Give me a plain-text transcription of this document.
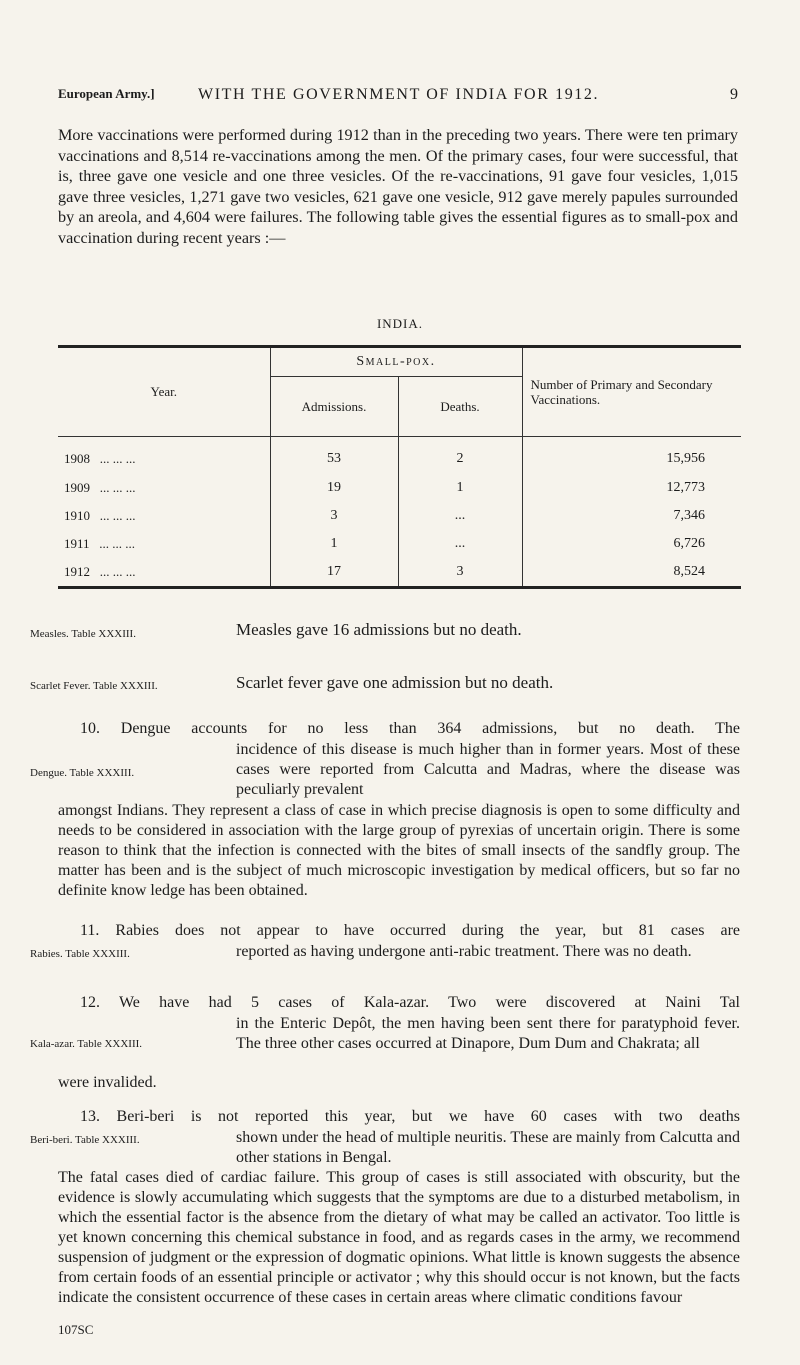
European Army.]	WITH THE GOVERNMENT OF INDIA FOR 1912.	9

More vaccinations were performed during 1912 than in the preceding two years. There were ten primary vaccinations and 8,514 re-vaccinations among the men. Of the primary cases, four were successful, that is, three gave one vesicle and one three vesicles. Of the re-vaccinations, 91 gave four vesicles, 1,015 gave three vesicles, 1,271 gave two vesicles, 621 gave one vesicle, 912 gave merely papules surrounded by an areola, and 4,604 were failures. The following table gives the essential figures as to small-pox and vaccination during recent years :—

INDIA.
Year.	Small-pox.		Number of Primary and Secondary Vaccinations.
	Admissions.	Deaths.	

1908 ... ... ...	53	2	15,956
1909 ... ... ...	19	1	12,773
1910 ... ... ...	3	...	7,346
1911 ... ... ...	1	...	6,726
1912 ... ... ...	17	3	8,524
Measles. Table XXXIII.	Measles gave 16 admissions but no death.
Scarlet Fever. Table XXXIII.	Scarlet fever gave one admission but no death.
10. Dengue accounts for no less than 364 admissions, but no death. The
Dengue. Table XXXIII.

incidence of this disease is much higher than in former years. Most of these cases were reported from Calcutta and Madras, where the disease was peculiarly prevalent

amongst Indians. They represent a class of case in which precise diagnosis is open to some difficulty and needs to be considered in association with the large group of pyrexias of uncertain origin. There is some reason to think that the infection is connected with the bites of small insects of the sandfly group. The matter has been and is the subject of much microscopic investigation by medical officers, but so far no definite know ledge has been obtained.

11. Rabies does not appear to have occurred during the year, but 81 cases are
Rabies. Table XXXIII.	reported as having undergone anti-rabic treatment. There was no death.

12. We have had 5 cases of Kala-azar. Two were discovered at Naini Tal
Kala-azar. Table XXXIII.

in the Enteric Depôt, the men having been sent there for paratyphoid fever. The three other cases occurred at Dinapore, Dum Dum and Chakrata; all

were invalided.
13. Beri-beri is not reported this year, but we have 60 cases with two deaths
Beri-beri. Table XXXIII.	shown under the head of multiple neuritis. These are mainly from Calcutta and other stations in Bengal.

The fatal cases died of cardiac failure. This group of cases is still associated with obscurity, but the evidence is slowly accumulating which suggests that the symptoms are due to a disturbed metabolism, in which the essential factor is the absence from the dietary of what may be called an activator. Too little is yet known concerning this chemical substance in food, and as regards cases in the army, we recommend suspension of judgment or the expression of dogmatic opinions. What little is known suggests the absence from certain foods of an essential principle or activator ; why this should occur is not known, but the facts indicate the consistent occurrence of these cases in certain areas where climatic conditions favour

107SC
